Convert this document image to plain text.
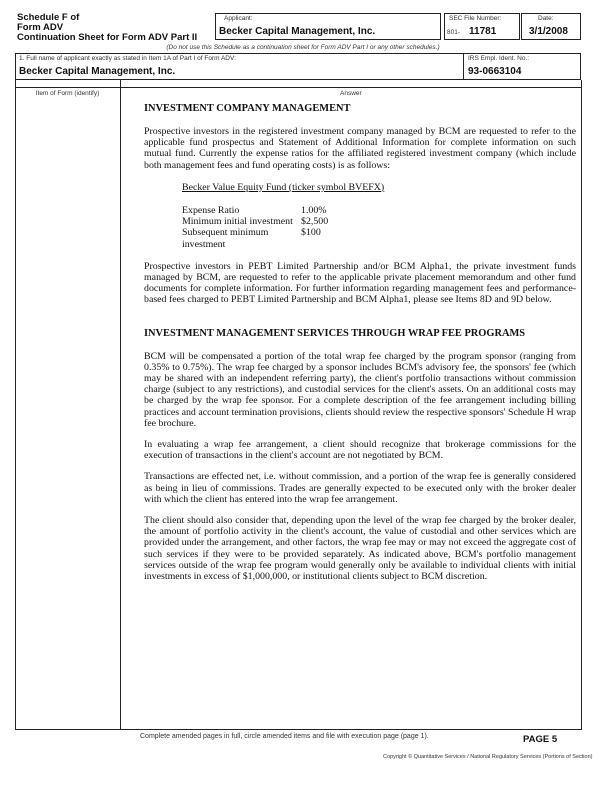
Schedule F of
Form ADV
Continuation Sheet for Form ADV Part II
Applicant:
Becker Capital Management, Inc.
SEC File Number:
801- 11781
Date:
3/1/2008
(Do not use this Schedule as a continuation sheet for Form ADV Part I or any other schedules.)
1. Full name of applicant exactly as stated in Item 1A of Part I of Form ADV:
Becker Capital Management, Inc.
IRS Empl. Ident. No.:
93-0663104
Item of Form (identify)	Answer
INVESTMENT COMPANY MANAGEMENT

Prospective investors in the registered investment company managed by BCM are requested to refer to the applicable fund prospectus and Statement of Additional Information for complete information on such mutual fund. Currently the expense ratios for the affiliated registered investment company (which include both management fees and fund operating costs) is as follows:

Becker Value Equity Fund (ticker symbol BVEFX)
Expense Ratio	1.00%
Minimum initial investment	$2,500
Subsequent minimum investment	$100

Prospective investors in PEBT Limited Partnership and/or BCM Alpha1, the private investment funds managed by BCM, are requested to refer to the applicable private placement memorandum and other fund documents for complete information. For further information regarding management fees and performance-based fees charged to PEBT Limited Partnership and BCM Alpha1, please see Items 8D and 9D below.

INVESTMENT MANAGEMENT SERVICES THROUGH WRAP FEE PROGRAMS

BCM will be compensated a portion of the total wrap fee charged by the program sponsor (ranging from 0.35% to 0.75%). The wrap fee charged by a sponsor includes BCM's advisory fee, the sponsors' fee (which may be shared with an independent referring party), the client's portfolio transactions without commission charge (subject to any restrictions), and custodial services for the client's assets. On an additional costs may be charged by the wrap fee sponsor. For a complete description of the fee arrangement including billing practices and account termination provisions, clients should review the respective sponsors' Schedule H wrap fee brochure.

In evaluating a wrap fee arrangement, a client should recognize that brokerage commissions for the execution of transactions in the client's account are not negotiated by BCM.

Transactions are effected net, i.e. without commission, and a portion of the wrap fee is generally considered as being in lieu of commissions. Trades are generally expected to be executed only with the broker dealer with which the client has entered into the wrap fee arrangement.

The client should also consider that, depending upon the level of the wrap fee charged by the broker dealer, the amount of portfolio activity in the client's account, the value of custodial and other services which are provided under the arrangement, and other factors, the wrap fee may or may not exceed the aggregate cost of such services if they were to be provided separately. As indicated above, BCM's portfolio management services outside of the wrap fee program would generally only be available to individual clients with initial investments in excess of $1,000,000, or institutional clients subject to BCM discretion.

Complete amended pages in full, circle amended items and file with execution page (page 1).	PAGE 5
Copyright © Quantitative Services / National Regulatory Services (Portions of Section)
